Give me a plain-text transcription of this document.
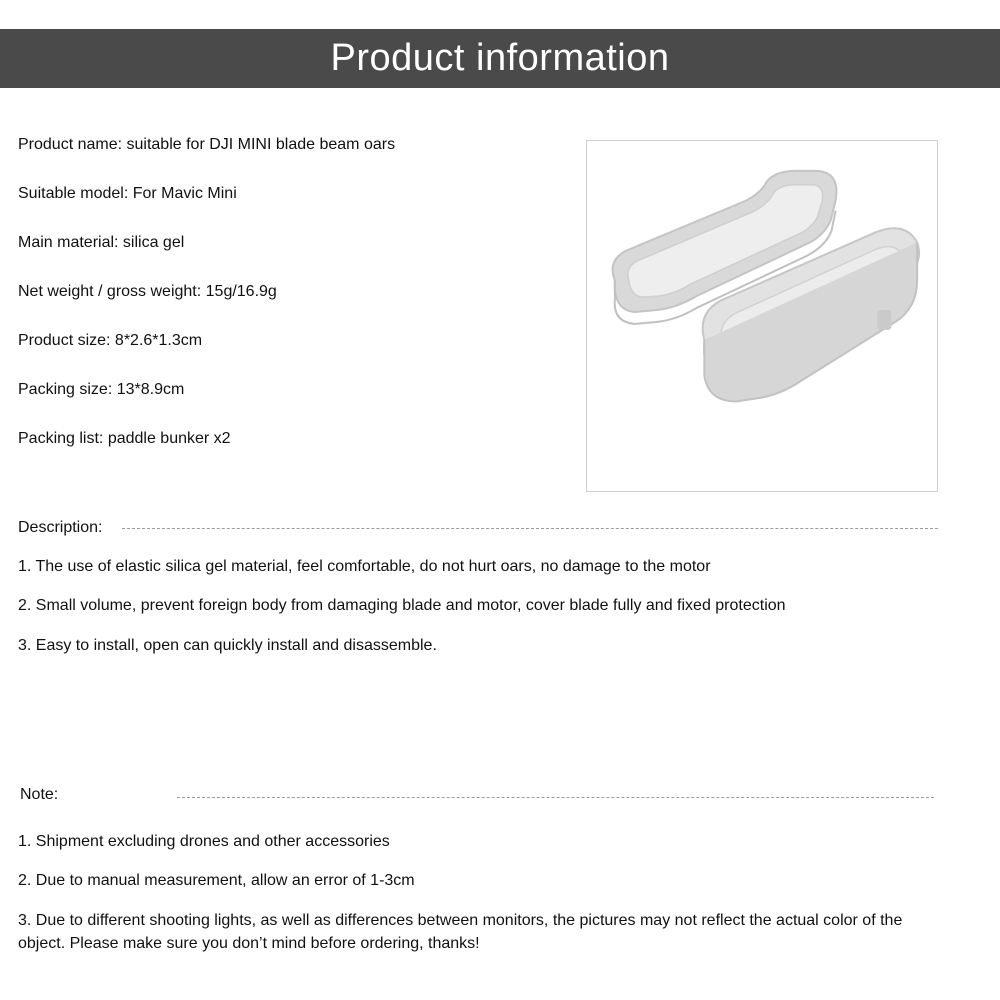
Product information
Product name: suitable for DJI MINI blade beam oars
Suitable model: For Mavic Mini
Main material: silica gel
Net weight / gross weight: 15g/16.9g
Product size: 8*2.6*1.3cm
Packing size: 13*8.9cm
Packing list: paddle bunker x2
Description:
1. The use of elastic silica gel material, feel comfortable, do not hurt oars, no damage to the motor
2. Small volume, prevent foreign body from damaging blade and motor, cover blade fully and fixed protection
3. Easy to install, open can quickly install and disassemble.
Note:
1. Shipment excluding drones and other accessories
2. Due to manual measurement, allow an error of 1-3cm
3. Due to different shooting lights, as well as differences between monitors, the pictures may not reflect the actual color of the object. Please make sure you don’t mind before ordering, thanks!
